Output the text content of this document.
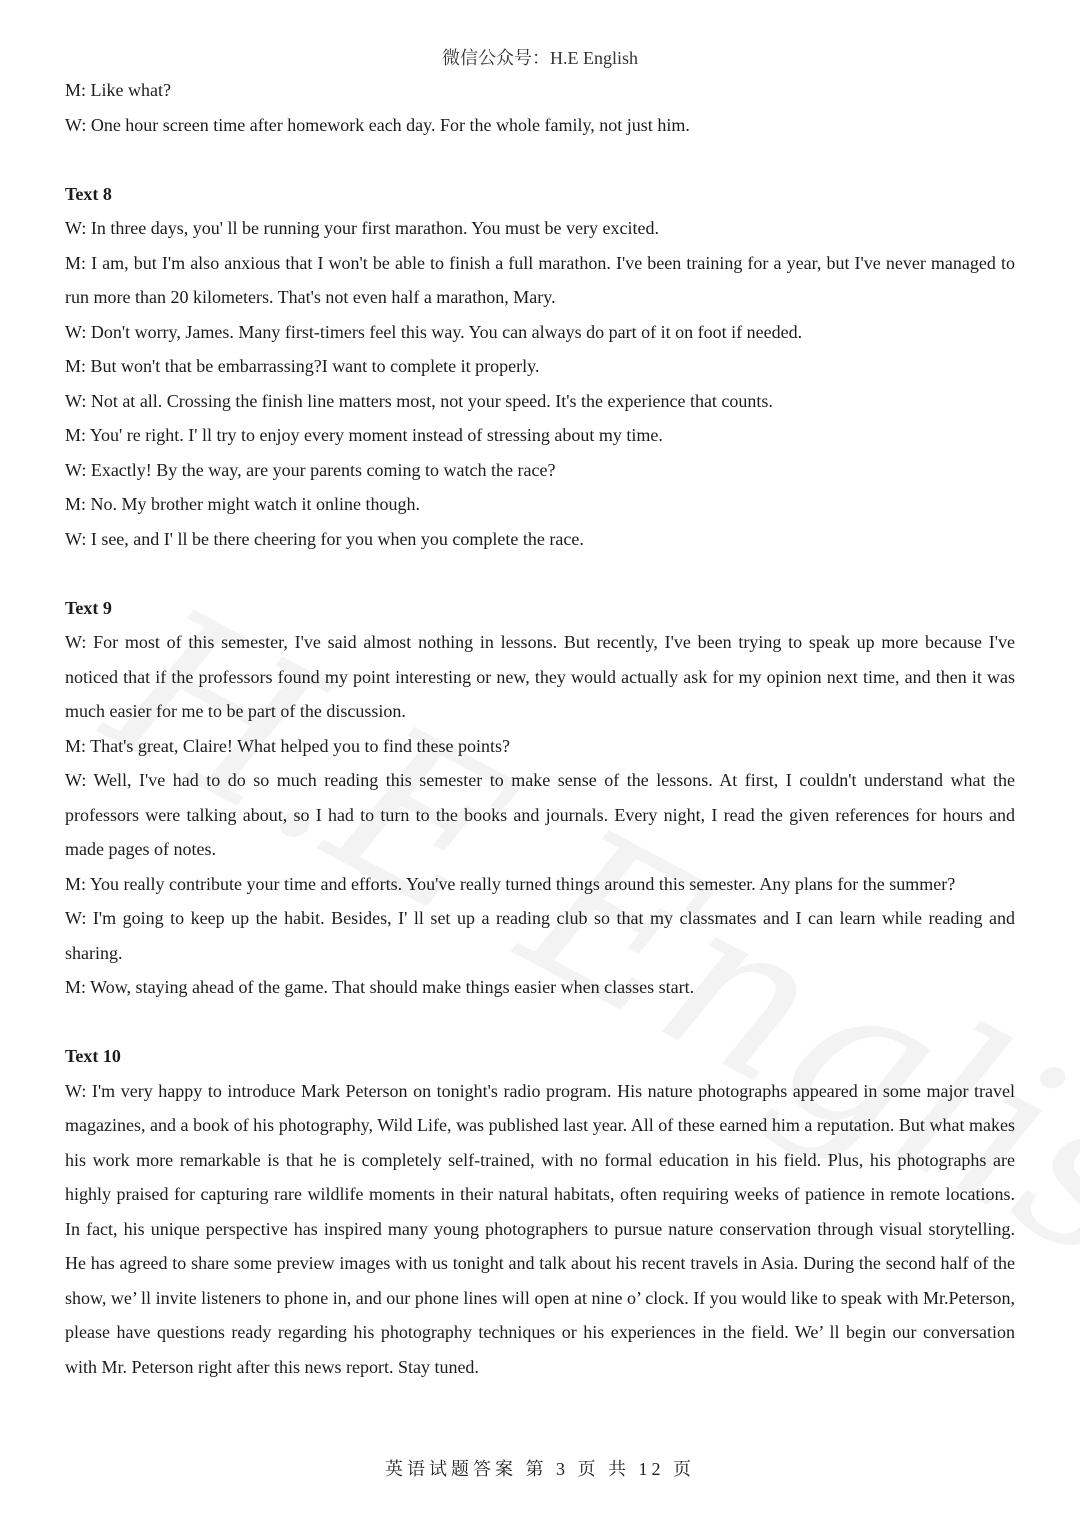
微信公众号：H.E English

M: Like what?

W: One hour screen time after homework each day. For the whole family, not just him.

Text 8

W: In three days, you' ll be running your first marathon. You must be very excited.

M: I am, but I'm also anxious that I won't be able to finish a full marathon. I've been training for a year, but I've never managed to run more than 20 kilometers. That's not even half a marathon, Mary.

W: Don't worry, James. Many first-timers feel this way. You can always do part of it on foot if needed.

M: But won't that be embarrassing?I want to complete it properly.

W: Not at all. Crossing the finish line matters most, not your speed. It's the experience that counts.

M: You' re right. I' ll try to enjoy every moment instead of stressing about my time.

W: Exactly! By the way, are your parents coming to watch the race?

M: No. My brother might watch it online though.

W: I see, and I' ll be there cheering for you when you complete the race.

Text 9

W: For most of this semester, I've said almost nothing in lessons. But recently, I've been trying to speak up more because I've noticed that if the professors found my point interesting or new, they would actually ask for my opinion next time, and then it was much easier for me to be part of the discussion.

M: That's great, Claire! What helped you to find these points?

W: Well, I've had to do so much reading this semester to make sense of the lessons. At first, I couldn't understand what the professors were talking about, so I had to turn to the books and journals. Every night, I read the given references for hours and made pages of notes.

M: You really contribute your time and efforts. You've really turned things around this semester. Any plans for the summer?

W: I'm going to keep up the habit. Besides, I' ll set up a reading club so that my classmates and I can learn while reading and sharing.

M: Wow, staying ahead of the game. That should make things easier when classes start.

Text 10

W: I'm very happy to introduce Mark Peterson on tonight's radio program. His nature photographs appeared in some major travel magazines, and a book of his photography, Wild Life, was published last year. All of these earned him a reputation. But what makes his work more remarkable is that he is completely self-trained, with no formal education in his field. Plus, his photographs are highly praised for capturing rare wildlife moments in their natural habitats, often requiring weeks of patience in remote locations. In fact, his unique perspective has inspired many young photographers to pursue nature conservation through visual storytelling. He has agreed to share some preview images with us tonight and talk about his recent travels in Asia. During the second half of the show, we’ ll invite listeners to phone in, and our phone lines will open at nine o’ clock. If you would like to speak with Mr.Peterson, please have questions ready regarding his photography techniques or his experiences in the field. We’ ll begin our conversation with Mr. Peterson right after this news report. Stay tuned.

英语试题答案 第 3 页 共 12 页
